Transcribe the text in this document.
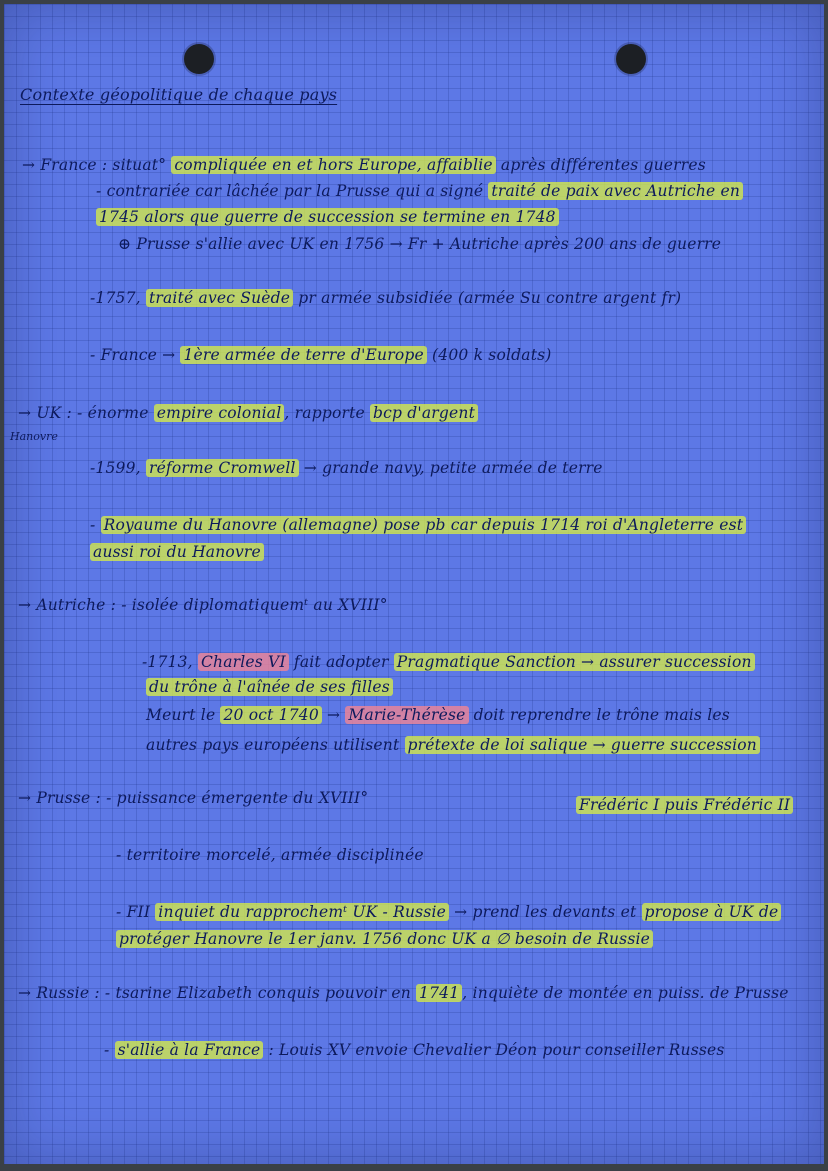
Contexte géopolitique de chaque pays

Hanovre

→ France : situat° compliquée en et hors Europe, affaiblie après différentes guerres

- contrariée car lâchée par la Prusse qui a signé traité de paix avec Autriche en

1745 alors que guerre de succession se termine en 1748

⊕ Prusse s'allie avec UK en 1756 → Fr + Autriche après 200 ans de guerre

-1757, traité avec Suède pr armée subsidiée (armée Su contre argent fr)

- France → 1ère armée de terre d'Europe (400 k soldats)

→ UK : - énorme empire colonial , rapporte bcp d'argent

-1599, réforme Cromwell → grande navy, petite armée de terre

- Royaume du Hanovre (allemagne) pose pb car depuis 1714 roi d'Angleterre est

aussi roi du Hanovre

→ Autriche : - isolée diplomatiquemᵗ au XVIII°

-1713, Charles VI fait adopter Pragmatique Sanction → assurer succession

du trône à l'aînée de ses filles

Meurt le 20 oct 1740 → Marie-Thérèse doit reprendre le trône mais les

autres pays européens utilisent prétexte de loi salique → guerre succession

→ Prusse : - puissance émergente du XVIII°	Frédéric I puis Frédéric II

- territoire morcelé, armée disciplinée

- FII inquiet du rapprochemᵗ UK - Russie → prend les devants et propose à UK de

protéger Hanovre le 1er janv. 1756 donc UK a ∅ besoin de Russie

→ Russie : - tsarine Elizabeth conquis pouvoir en 1741 , inquiète de montée en puiss. de Prusse

- s'allie à la France : Louis XV envoie Chevalier Déon pour conseiller Russes
